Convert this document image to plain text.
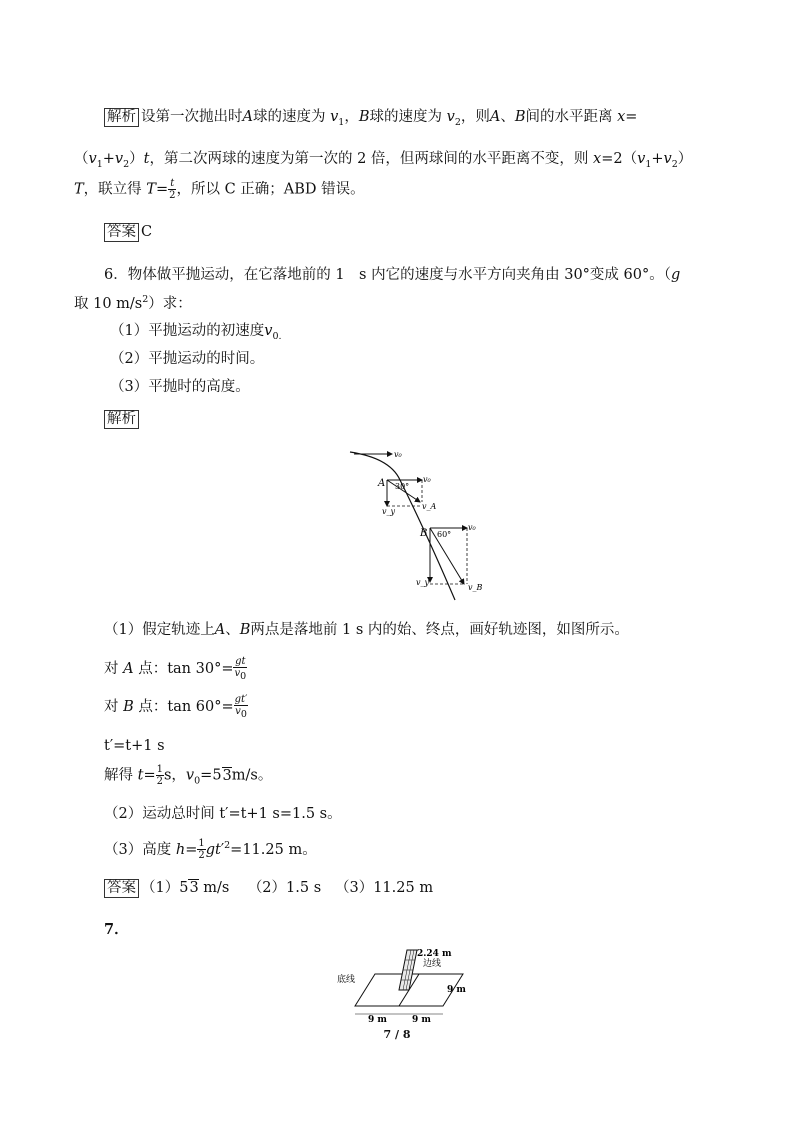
解析 设第一次抛出时A球的速度为 $v_1$，B球的速度为 $v_2$，则A、B间的水平距离 x=
$(v_1+v_2)t$，第二次两球的速度为第一次的 2 倍，但两球间的水平距离不变，则 $x=2(v_1+v_2)$
T，联立得 $T= \frac{t}{2}$ ，所以 C 正确；ABD 错误。
答案 C
6．物体做平抛运动，在它落地前的 1　s 内它的速度与水平方向夹角由 30°变成 60°。（g
取 10 $m/s^2$）求：
（1）平抛运动的初速度$v_{0.}$
（2）平抛运动的时间。
（3）平抛时的高度。
解析
v₀
A	v₀
v_y
v_A
30°
B
v₀
v_y′
v_B
60°
（1）假定轨迹上A、B两点是落地前 1 s 内的始、终点，画好轨迹图，如图所示。
对 A 点：$\tan 30^\circ= \frac{gt}{v_0}$
对 B 点：$\tan 60^\circ= \frac{gt'}{v_0}$
t′=t+1 s
解得 $t= \frac{1}{2}$ s，$v_0=53m/s$。
（2）运动总时间 t′=t+1 s=1.5 s。
（3）高度 $h= \frac{1}{2} gt'^2=11.25$ m。
答案 （1）53 m/s （2）1.5 s （3）11.25 m
7．
2.24 m
边线
底线
9 m	9 m
9 m
7 / 8
